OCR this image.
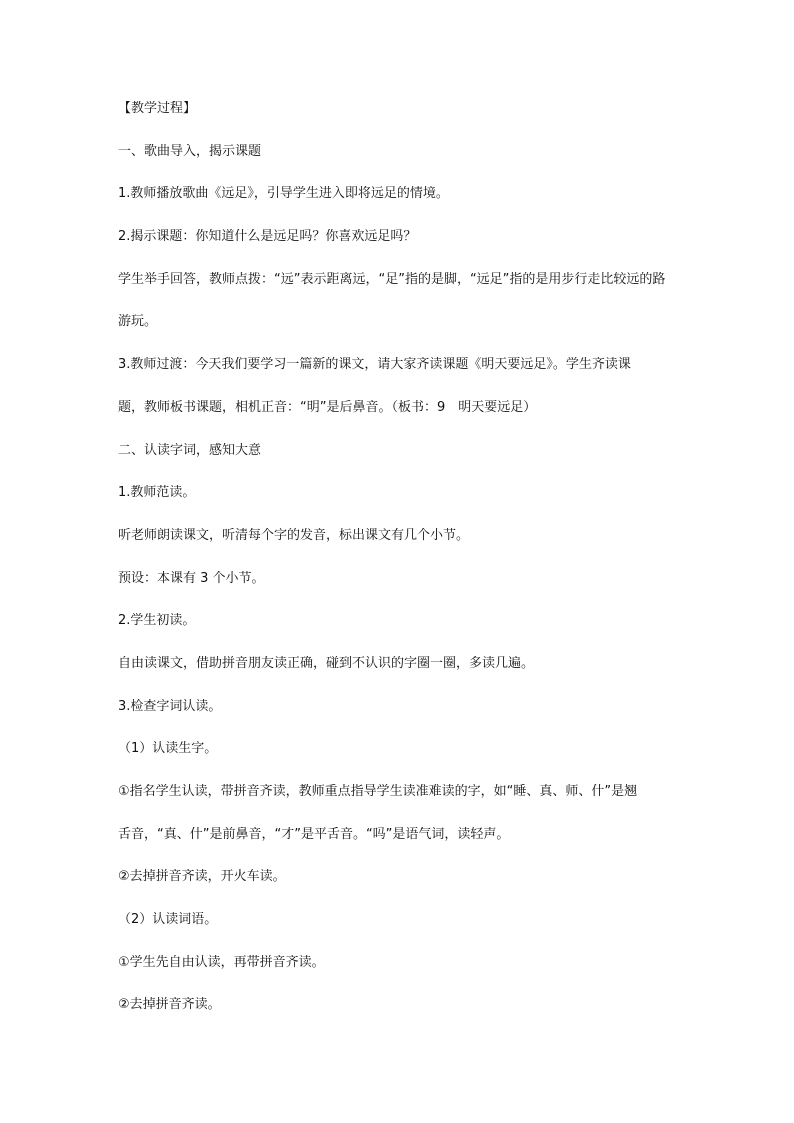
【教学过程】
一、歌曲导入，揭示课题
1.教师播放歌曲《远足》，引导学生进入即将远足的情境。
2.揭示课题：你知道什么是远足吗？你喜欢远足吗？
学生举手回答，教师点拨：“远”表示距离远，“足”指的是脚，“远足”指的是用步行走比较远的路
游玩。
3.教师过渡：今天我们要学习一篇新的课文，请大家齐读课题《明天要远足》。学生齐读课
题，教师板书课题，相机正音：“明”是后鼻音。（板书：9　明天要远足）
二、认读字词，感知大意
1.教师范读。
听老师朗读课文，听清每个字的发音，标出课文有几个小节。
预设：本课有 3 个小节。
2.学生初读。
自由读课文，借助拼音朋友读正确，碰到不认识的字圈一圈，多读几遍。
3.检查字词认读。
（1）认读生字。
①指名学生认读，带拼音齐读，教师重点指导学生读准难读的字，如“睡、真、师、什”是翘
舌音，“真、什”是前鼻音，“才”是平舌音。“吗”是语气词，读轻声。
②去掉拼音齐读，开火车读。
（2）认读词语。
①学生先自由认读，再带拼音齐读。
②去掉拼音齐读。
